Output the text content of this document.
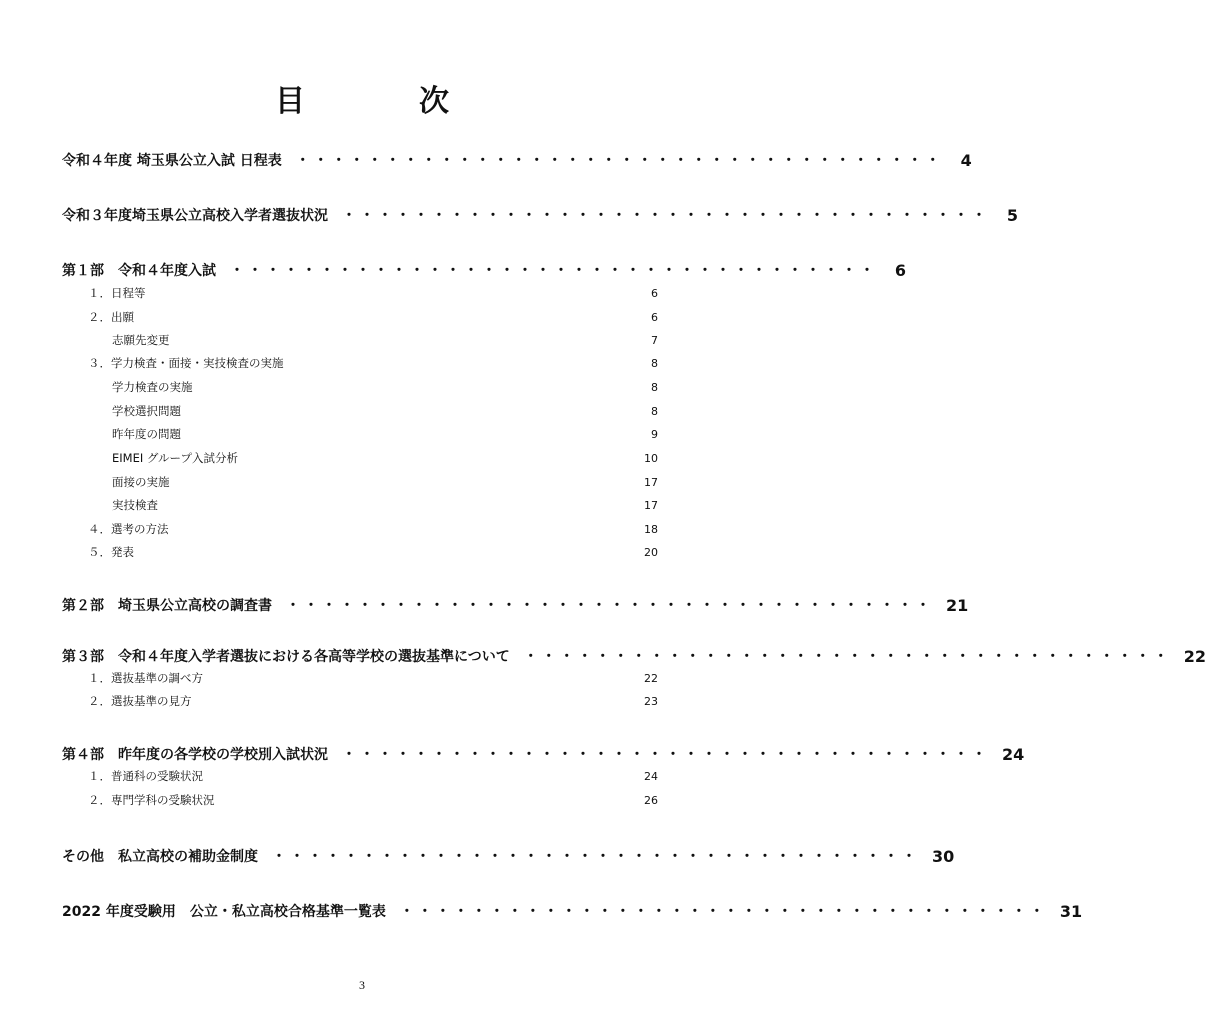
目　次
令和４年度 埼玉県公立入試 日程表 ・・・・・・・・・・・・・・・・・・・・・・・・・・・・・・・・・・・・	4
令和３年度埼玉県公立高校入学者選抜状況 ・・・・・・・・・・・・・・・・・・・・・・・・・・・・・・・・・・・・	5
第１部　令和４年度入試 ・・・・・・・・・・・・・・・・・・・・・・・・・・・・・・・・・・・・	6
１．日程等	6
２．出願	6
志願先変更	7
３．学力検査・面接・実技検査の実施	8
学力検査の実施	8
学校選択問題	8
昨年度の問題	9
EIMEI グループ入試分析	10
面接の実施	17
実技検査	17
４．選考の方法	18
５．発表	20
第２部　埼玉県公立高校の調査書 ・・・・・・・・・・・・・・・・・・・・・・・・・・・・・・・・・・・・ 21
第３部　令和４年度入学者選抜における各高等学校の選抜基準について ・・・・・・・・・・・・・・・・・・・・・・・・・・・・・・・・・・・・ 22
１．選抜基準の調べ方	22
２．選抜基準の見方	23
第４部　昨年度の各学校の学校別入試状況 ・・・・・・・・・・・・・・・・・・・・・・・・・・・・・・・・・・・・ 24
１．普通科の受験状況	24
２．専門学科の受験状況	26
その他　私立高校の補助金制度 ・・・・・・・・・・・・・・・・・・・・・・・・・・・・・・・・・・・・ 30
2022 年度受験用　公立・私立高校合格基準一覧表 ・・・・・・・・・・・・・・・・・・・・・・・・・・・・・・・・・・・・ 31
3
